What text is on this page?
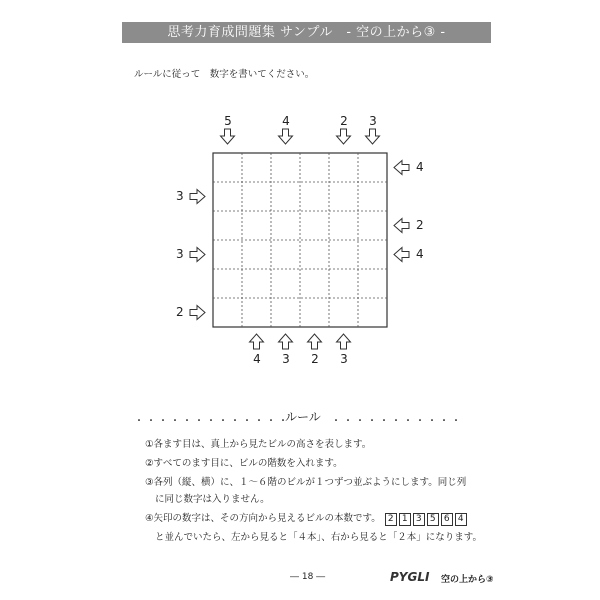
思考力育成問題集 サンプル　- 空の上から③ -
ルールに従って　数字を書いてください。
5	4	2	3
4	3	2	3
3
3
2
4
2
4
・・・・・・・・・・・・・
ルール ・・・・・・・・・・・
①各ます目は、真上から見たビルの高さを表します。
②すべてのます目に、ビルの階数を入れます。
③各列（縦、横）に、１〜６階のビルが１つずつ並ぶようにします。同じ列
に同じ数字は入りません。
④矢印の数字は、その方向から見えるビルの本数です。 2 1 3 5 6 4
と並んでいたら、左から見ると「４本」、右から見ると「２本」になります。
― 18 ―	PYGLI 空の上から③
